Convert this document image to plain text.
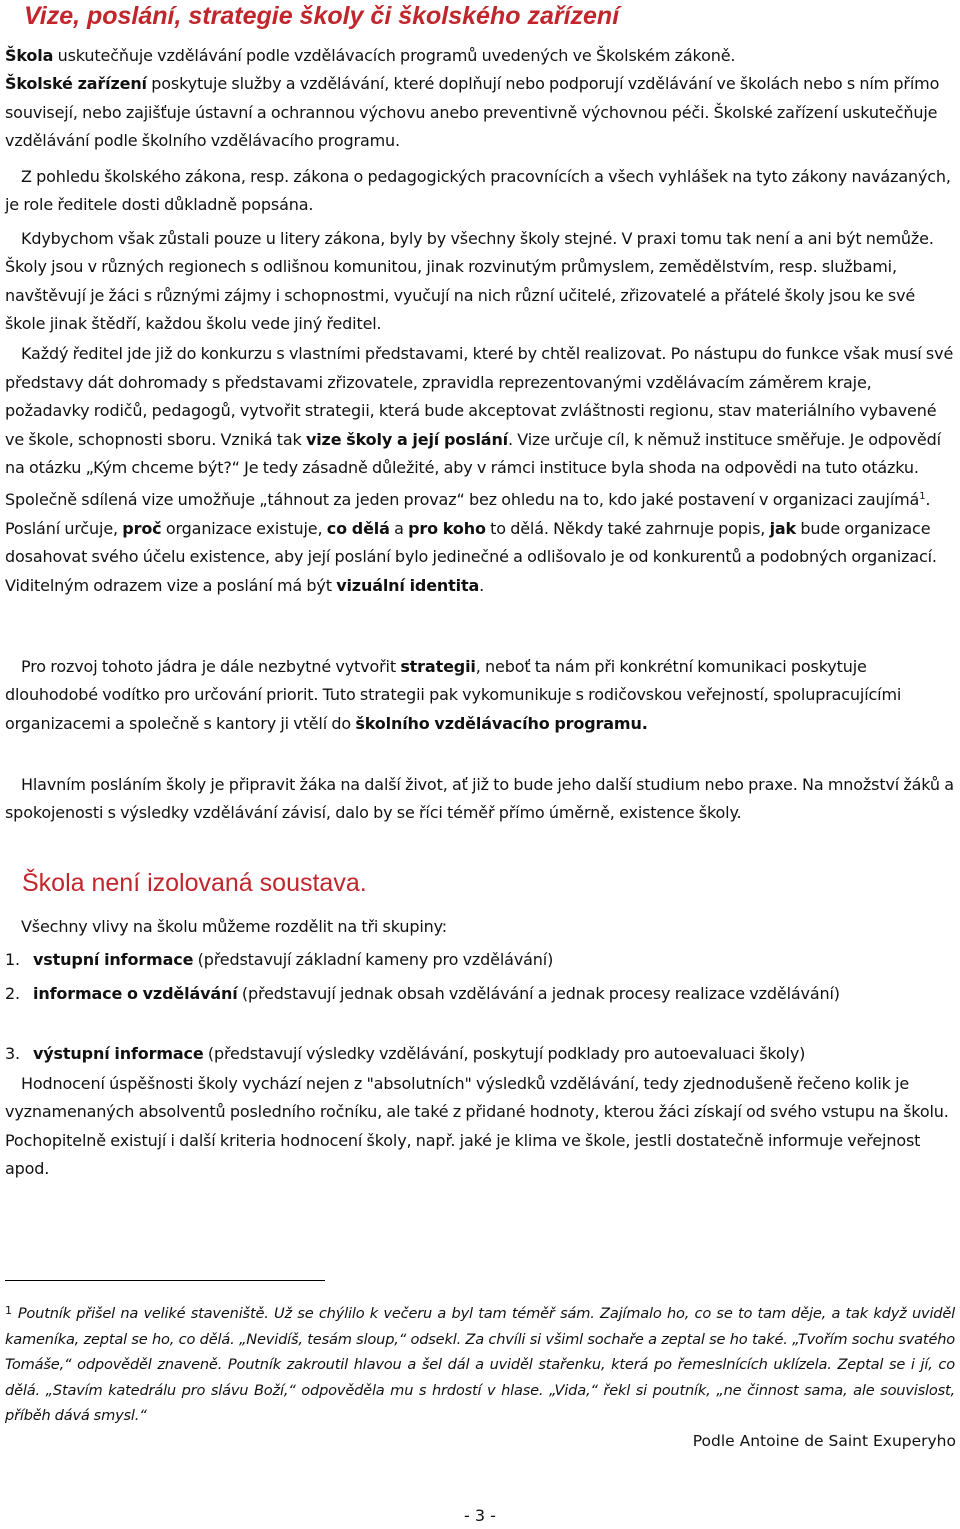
Vize, poslání, strategie školy či školského zařízení

Škola uskutečňuje vzdělávání podle vzdělávacích programů uvedených ve Školském zákoně.
Školské zařízení poskytuje služby a vzdělávání, které doplňují nebo podporují vzdělávání ve školách nebo s ním přímo souvisejí, nebo zajišťuje ústavní a ochrannou výchovu anebo preventivně výchovnou péči. Školské zařízení uskutečňuje vzdělávání podle školního vzdělávacího programu.

Z pohledu školského zákona, resp. zákona o pedagogických pracovnících a všech vyhlášek na tyto zákony navázaných, je role ředitele dosti důkladně popsána.

Kdybychom však zůstali pouze u litery zákona, byly by všechny školy stejné. V praxi tomu tak není a ani být nemůže. Školy jsou v různých regionech s odlišnou komunitou, jinak rozvinutým průmyslem, zemědělstvím, resp. službami, navštěvují je žáci s různými zájmy i schopnostmi, vyučují na nich různí učitelé, zřizovatelé a přátelé školy jsou ke své škole jinak štědří, každou školu vede jiný ředitel.

Každý ředitel jde již do konkurzu s vlastními představami, které by chtěl realizovat. Po nástupu do funkce však musí své představy dát dohromady s představami zřizovatele, zpravidla reprezentovanými vzdělávacím záměrem kraje, požadavky rodičů, pedagogů, vytvořit strategii, která bude akceptovat zvláštnosti regionu, stav materiálního vybavené ve škole, schopnosti sboru. Vzniká tak vize školy a její poslání. Vize určuje cíl, k němuž instituce směřuje. Je odpovědí na otázku „Kým chceme být?“ Je tedy zásadně důležité, aby v rámci instituce byla shoda na odpovědi na tuto otázku. Společně sdílená vize umožňuje „táhnout za jeden provaz“ bez ohledu na to, kdo jaké postavení v organizaci zaujímá$^1$. Poslání určuje, proč organizace existuje, co dělá a pro koho to dělá. Někdy také zahrnuje popis, jak bude organizace dosahovat svého účelu existence, aby její poslání bylo jedinečné a odlišovalo je od konkurentů a podobných organizací. Viditelným odrazem vize a poslání má být vizuální identita.

Pro rozvoj tohoto jádra je dále nezbytné vytvořit strategii, neboť ta nám při konkrétní komunikaci poskytuje dlouhodobé vodítko pro určování priorit. Tuto strategii pak vykomunikuje s rodičovskou veřejností, spolupracujícími organizacemi a společně s kantory ji vtělí do školního vzdělávacího programu.

Hlavním posláním školy je připravit žáka na další život, ať již to bude jeho další studium nebo praxe. Na množství žáků a spokojenosti s výsledky vzdělávání závisí, dalo by se říci téměř přímo úměrně, existence školy.

Škola není izolovaná soustava.

Všechny vlivy na školu můžeme rozdělit na tři skupiny:

1. vstupní informace (představují základní kameny pro vzdělávání)
2. informace o vzdělávání (představují jednak obsah vzdělávání a jednak procesy realizace vzdělávání)
3. výstupní informace (představují výsledky vzdělávání, poskytují podklady pro autoevaluaci školy)

Hodnocení úspěšnosti školy vychází nejen z "absolutních" výsledků vzdělávání, tedy zjednodušeně řečeno kolik je vyznamenaných absolventů posledního ročníku, ale také z přidané hodnoty, kterou žáci získají od svého vstupu na školu. Pochopitelně existují i další kriteria hodnocení školy, např. jaké je klima ve škole, jestli dostatečně informuje veřejnost apod.

$^1$ Poutník přišel na veliké staveniště. Už se chýlilo k večeru a byl tam téměř sám. Zajímalo ho, co se to tam děje, a tak když uviděl kameníka, zeptal se ho, co dělá. „Nevidíš, tesám sloup,“ odsekl. Za chvíli si všiml sochaře a zeptal se ho také. „Tvořím sochu svatého Tomáše,“ odpověděl znaveně. Poutník zakroutil hlavou a šel dál a uviděl stařenku, která po řemeslnících uklízela. Zeptal se i jí, co dělá. „Stavím katedrálu pro slávu Boží,“ odpověděla mu s hrdostí v hlase. „Vida,“ řekl si poutník, „ne činnost sama, ale souvislost, příběh dává smysl.“
Podle Antoine de Saint Exuperyho
- 3 -
